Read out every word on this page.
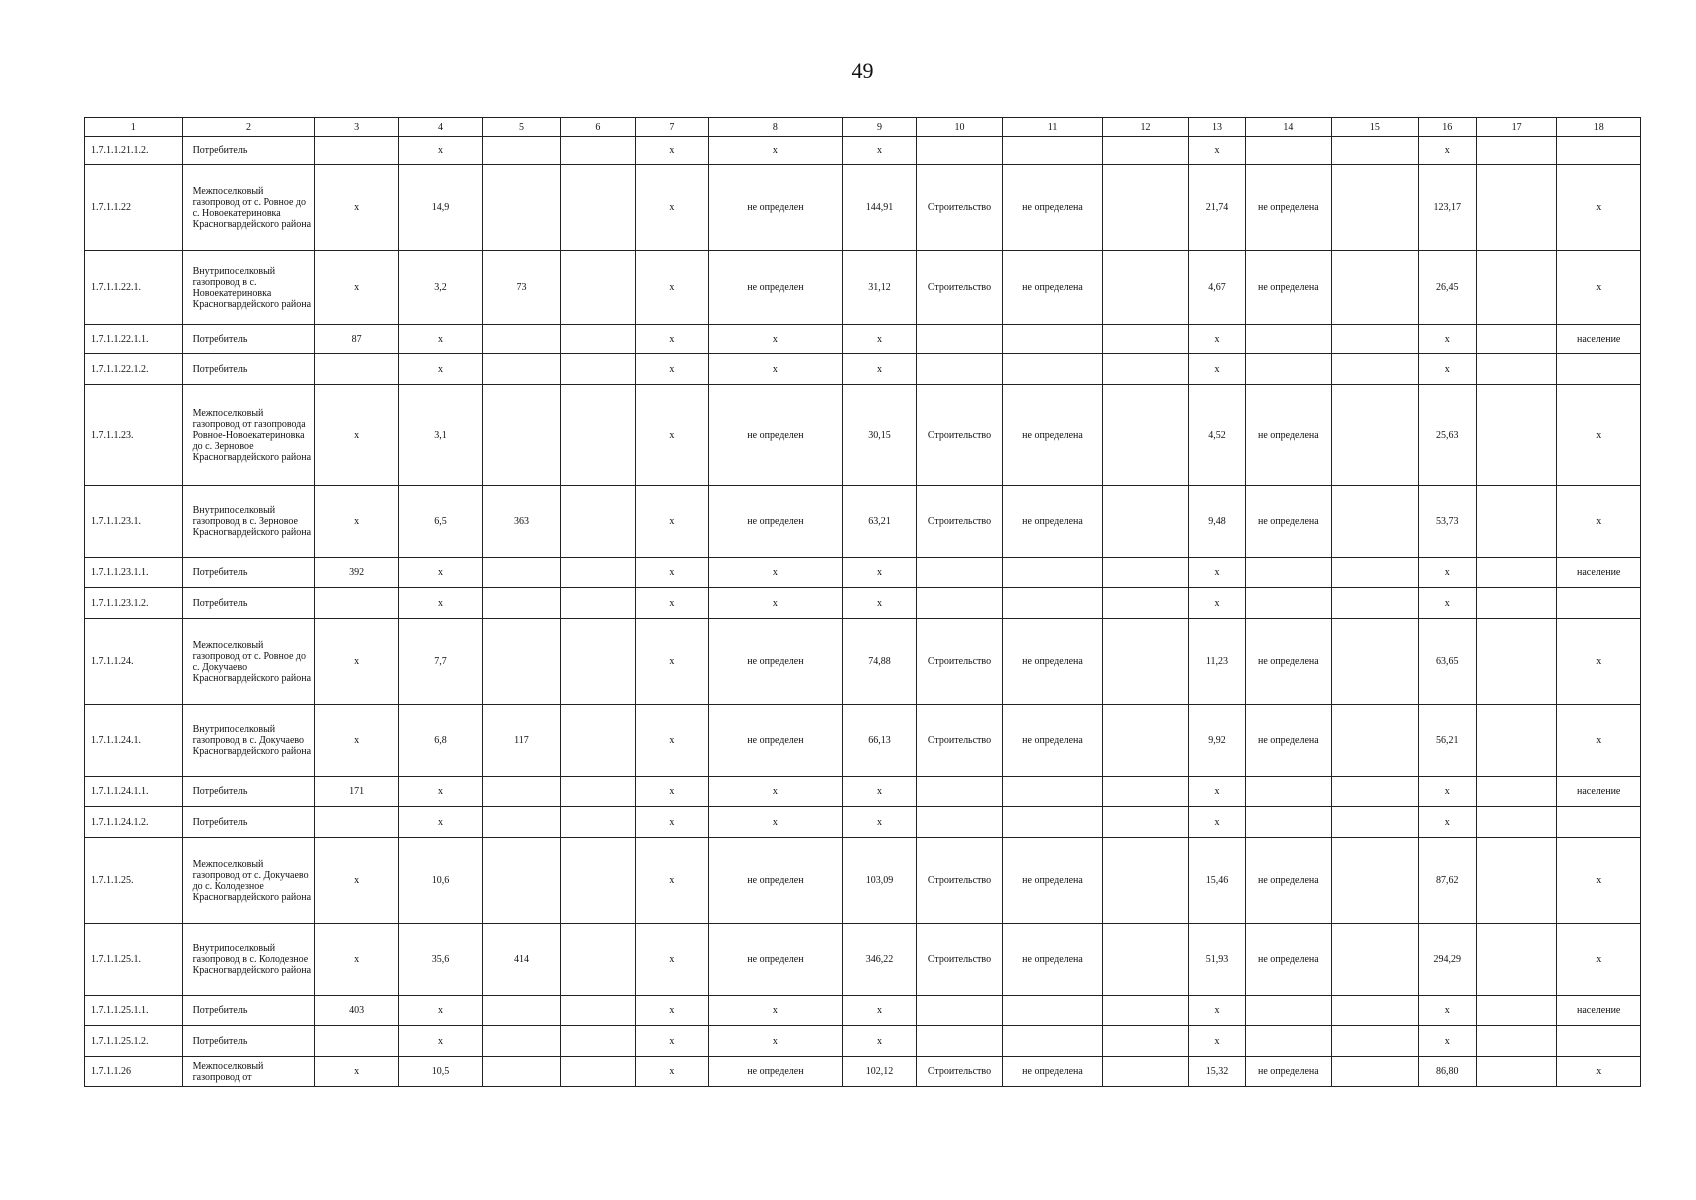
49
1	2	3	4	5	6	7	8	9	10	11	12	13	14	15	16	17	18
1.7.1.1.21.1.2.	Потребитель		х			х	х	х				х			х		
1.7.1.1.22	Межпоселковый газопровод от с. Ровное до с. Новоекатериновка Красногвардейского района	х	14,9			х	не определен	144,91	Строительство	не определена		21,74	не определена		123,17		х
1.7.1.1.22.1.	Внутрипоселковый газопровод в с. Новоекатериновка Красногвардейского района	х	3,2	73		х	не определен	31,12	Строительство	не определена		4,67	не определена		26,45		х
1.7.1.1.22.1.1.	Потребитель	87	х			х	х	х				х			х		население
1.7.1.1.22.1.2.	Потребитель		х			х	х	х				х			х		
1.7.1.1.23.	Межпоселковый газопровод от газопровода Ровное-Новоекатериновка до с. Зерновое Красногвардейского района	х	3,1			х	не определен	30,15	Строительство	не определена		4,52	не определена		25,63		х
1.7.1.1.23.1.	Внутрипоселковый газопровод в с. Зерновое Красногвардейского района	х	6,5	363		х	не определен	63,21	Строительство	не определена		9,48	не определена		53,73		х
1.7.1.1.23.1.1.	Потребитель	392	х			х	х	х				х			х		население
1.7.1.1.23.1.2.	Потребитель		х			х	х	х				х			х		
1.7.1.1.24.	Межпоселковый газопровод от с. Ровное до с. Докучаево Красногвардейского района	х	7,7			х	не определен	74,88	Строительство	не определена		11,23	не определена		63,65		х
1.7.1.1.24.1.	Внутрипоселковый газопровод в с. Докучаево Красногвардейского района	х	6,8	117		х	не определен	66,13	Строительство	не определена		9,92	не определена		56,21		х
1.7.1.1.24.1.1.	Потребитель	171	х			х	х	х				х			х		население
1.7.1.1.24.1.2.	Потребитель		х			х	х	х				х			х		
1.7.1.1.25.	Межпоселковый газопровод от с. Докучаево до с. Колодезное Красногвардейского района	х	10,6			х	не определен	103,09	Строительство	не определена		15,46	не определена		87,62		х
1.7.1.1.25.1.	Внутрипоселковый газопровод в с. Колодезное Красногвардейского района	х	35,6	414		х	не определен	346,22	Строительство	не определена		51,93	не определена		294,29		х
1.7.1.1.25.1.1.	Потребитель	403	х			х	х	х				х			х		население
1.7.1.1.25.1.2.	Потребитель		х			х	х	х				х			х		
1.7.1.1.26	Межпоселковый газопровод от	х	10,5			х	не определен	102,12	Строительство	не определена		15,32	не определена		86,80		х
